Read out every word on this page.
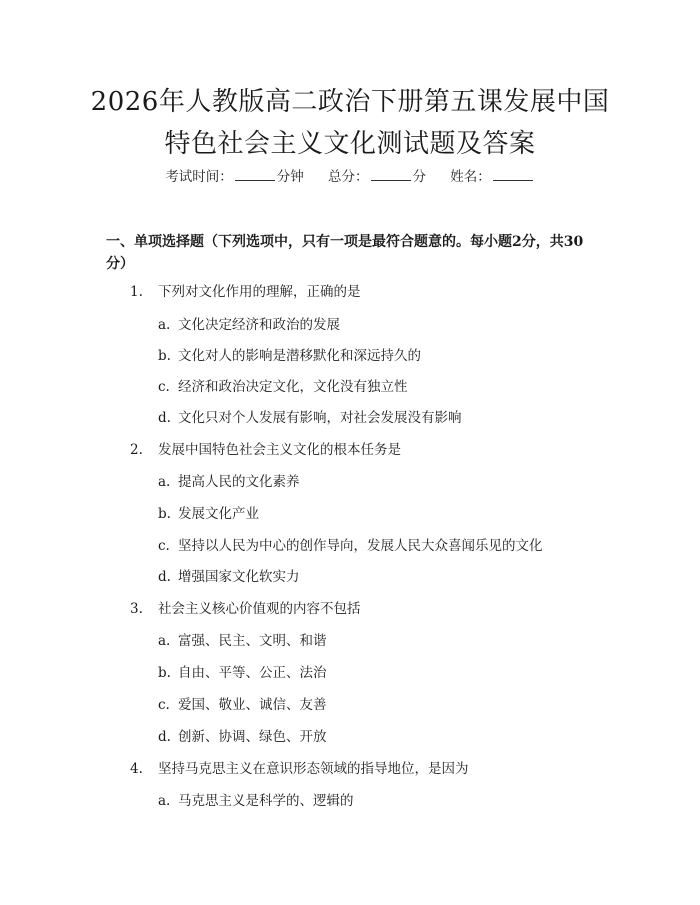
2026年人教版高二政治下册第五课发展中国
特色社会主义文化测试题及答案
考试时间：	分钟 总分：	分 姓名：
一、单项选择题（下列选项中，只有一项是最符合题意的。每小题2分，共30分）
1. 下列对文化作用的理解，正确的是
a. 文化决定经济和政治的发展
b. 文化对人的影响是潜移默化和深远持久的
c. 经济和政治决定文化，文化没有独立性
d. 文化只对个人发展有影响，对社会发展没有影响
2. 发展中国特色社会主义文化的根本任务是
a. 提高人民的文化素养
b. 发展文化产业
c. 坚持以人民为中心的创作导向，发展人民大众喜闻乐见的文化
d. 增强国家文化软实力
3. 社会主义核心价值观的内容不包括
a. 富强、民主、文明、和谐
b. 自由、平等、公正、法治
c. 爱国、敬业、诚信、友善
d. 创新、协调、绿色、开放
4. 坚持马克思主义在意识形态领域的指导地位，是因为
a. 马克思主义是科学的、逻辑的
